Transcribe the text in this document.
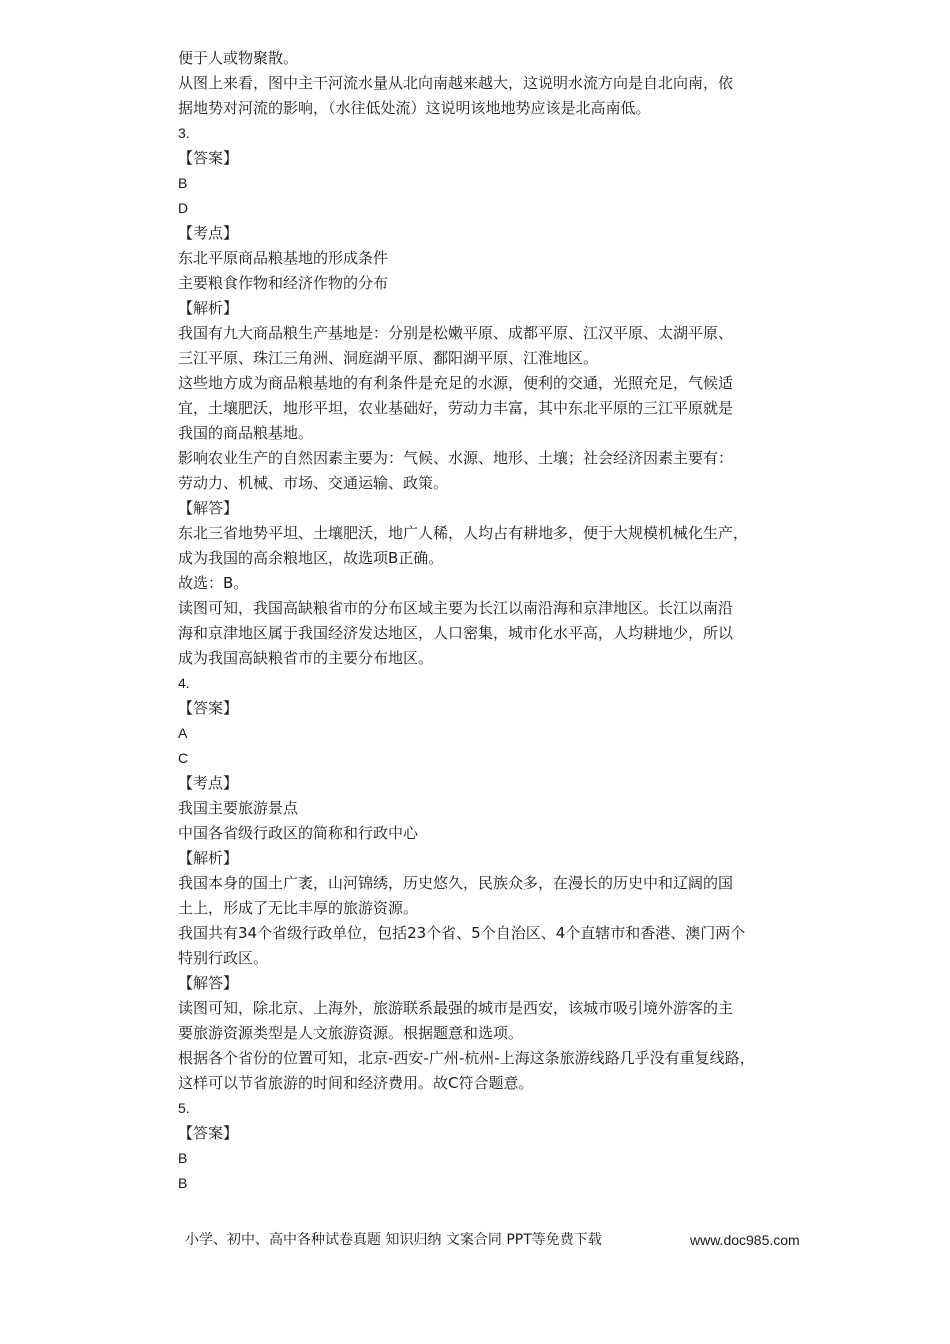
便于人或物聚散。
从图上来看，图中主干河流水量从北向南越来越大，这说明水流方向是自北向南，依
据地势对河流的影响，（水往低处流）这说明该地地势应该是北高南低。
3.
【答案】
B
D
【考点】
东北平原商品粮基地的形成条件
主要粮食作物和经济作物的分布
【解析】
我国有九大商品粮生产基地是：分别是松嫩平原、成都平原、江汉平原、太湖平原、
三江平原、珠江三角洲、洞庭湖平原、鄱阳湖平原、江淮地区。
这些地方成为商品粮基地的有利条件是充足的水源，便利的交通，光照充足，气候适
宜，土壤肥沃，地形平坦，农业基础好，劳动力丰富，其中东北平原的三江平原就是
我国的商品粮基地。
影响农业生产的自然因素主要为：气候、水源、地形、土壤；社会经济因素主要有：
劳动力、机械、市场、交通运输、政策。
【解答】
东北三省地势平坦、土壤肥沃，地广人稀，人均占有耕地多，便于大规模机械化生产，
成为我国的高余粮地区，故选项B正确。
故选：B。
读图可知，我国高缺粮省市的分布区域主要为长江以南沿海和京津地区。长江以南沿
海和京津地区属于我国经济发达地区，人口密集，城市化水平高，人均耕地少，所以
成为我国高缺粮省市的主要分布地区。
4.
【答案】
A
C
【考点】
我国主要旅游景点
中国各省级行政区的简称和行政中心
【解析】
我国本身的国土广袤，山河锦绣，历史悠久，民族众多，在漫长的历史中和辽阔的国
土上，形成了无比丰厚的旅游资源。
我国共有34个省级行政单位，包括23个省、5个自治区、4个直辖市和香港、澳门两个
特别行政区。
【解答】
读图可知，除北京、上海外，旅游联系最强的城市是西安，该城市吸引境外游客的主
要旅游资源类型是人文旅游资源。根据题意和选项。
根据各个省份的位置可知，北京-西安-广州-杭州-上海这条旅游线路几乎没有重复线路，
这样可以节省旅游的时间和经济费用。故C符合题意。
5.
【答案】
B
B
小学、初中、高中各种试卷真题 知识归纳 文案合同 PPT等免费下载	www.doc985.com
